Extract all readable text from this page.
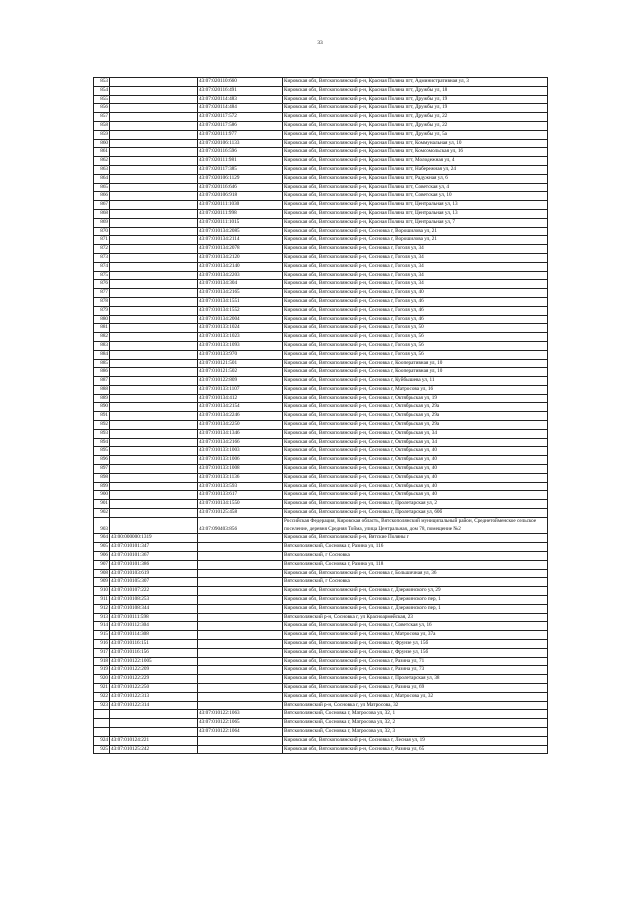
33
853		43:07:020110:660	Кировская обл, Вятскополянский р-н, Красная Поляна пгт, Административная ул, 3
854		43:07:020116:491	Кировская обл, Вятскополянский р-н, Красная Поляна пгт, Дружбы ул, 18
855		43:07:020114:483	Кировская обл, Вятскополянский р-н, Красная Поляна пгт, Дружбы ул, 19
856		43:07:020114:484	Кировская обл, Вятскополянский р-н, Красная Поляна пгт, Дружбы ул, 19
857		43:07:020117:572	Кировская обл, Вятскополянский р-н, Красная Поляна пгт, Дружбы ул, 22
858		43:07:020117:586	Кировская обл, Вятскополянский р-н, Красная Поляна пгт, Дружбы ул, 22
859		43:07:020111:977	Кировская обл, Вятскополянский р-н, Красная Поляна пгт, Дружбы ул, 5а
860		43:07:020106:1133	Кировская обл, Вятскополянский р-н, Красная Поляна пгт, Коммунальная ул, 10
861		43:07:020116:596	Кировская обл, Вятскополянский р-н, Красная Поляна пгт, Комсомольская ул, 16
862		43:07:020111:981	Кировская обл, Вятскополянский р-н, Красная Поляна пгт, Молодежная ул, 4
863		43:07:020117:385	Кировская обл, Вятскополянский р-н, Красная Поляна пгт, Набережная ул, 24
864		43:07:020106:1129	Кировская обл, Вятскополянский р-н, Красная Поляна пгт, Радужная ул, 6
865		43:07:020116:646	Кировская обл, Вятскополянский р-н, Красная Поляна пгт, Советская ул, 4
866		43:07:020106:918	Кировская обл, Вятскополянский р-н, Красная Поляна пгт, Советская ул, 10
867		43:07:020111:1030	Кировская обл, Вятскополянский р-н, Красная Поляна пгт, Центральная ул, 13
868		43:07:020111:998	Кировская обл, Вятскополянский р-н, Красная Поляна пгт, Центральная ул, 13
869		43:07:020111:1015	Кировская обл, Вятскополянский р-н, Красная Поляна пгт, Центральная ул, 7
870		43:07:010134:2085	Кировская обл, Вятскополянский р-н, Сосновка г, Ворошилова ул, 21
871		43:07:010134:2114	Кировская обл, Вятскополянский р-н, Сосновка г, Ворошилова ул, 21
872		43:07:010134:2078	Кировская обл, Вятскополянский р-н, Сосновка г, Гоголя ул, 34
873		43:07:010134:2120	Кировская обл, Вятскополянский р-н, Сосновка г, Гоголя ул, 34
874		43:07:010134:2140	Кировская обл, Вятскополянский р-н, Сосновка г, Гоголя ул, 34
875		43:07:010134:2203	Кировская обл, Вятскополянский р-н, Сосновка г, Гоголя ул, 34
876		43:07:010134:304	Кировская обл, Вятскополянский р-н, Сосновка г, Гоголя ул, 34
877		43:07:010134:2165	Кировская обл, Вятскополянский р-н, Сосновка г, Гоголя ул, 40
878		43:07:010134:1551	Кировская обл, Вятскополянский р-н, Сосновка г, Гоголя ул, 46
879		43:07:010134:1552	Кировская обл, Вятскополянский р-н, Сосновка г, Гоголя ул, 46
880		43:07:010134:2004	Кировская обл, Вятскополянский р-н, Сосновка г, Гоголя ул, 46
881		43:07:010133:1024	Кировская обл, Вятскополянский р-н, Сосновка г, Гоголя ул, 50
882		43:07:010133:1023	Кировская обл, Вятскополянский р-н, Сосновка г, Гоголя ул, 56
883		43:07:010133:1093	Кировская обл, Вятскополянский р-н, Сосновка г, Гоголя ул, 56
884		43:07:010133:970	Кировская обл, Вятскополянский р-н, Сосновка г, Гоголя ул, 56
885		43:07:010121:501	Кировская обл, Вятскополянский р-н, Сосновка г, Кооперативная ул, 10
886		43:07:010121:502	Кировская обл, Вятскополянский р-н, Сосновка г, Кооперативная ул, 10
887		43:07:010122:809	Кировская обл, Вятскополянский р-н, Сосновка г, Куйбышева ул, 11
888		43:07:010133:1107	Кировская обл, Вятскополянский р-н, Сосновка г, Матросова ул, 16
889		43:07:010134:412	Кировская обл, Вятскополянский р-н, Сосновка г, Октябрьская ул, 19
890		43:07:010134:2154	Кировская обл, Вятскополянский р-н, Сосновка г, Октябрьская ул, 29а
891		43:07:010134:2246	Кировская обл, Вятскополянский р-н, Сосновка г, Октябрьская ул, 29а
892		43:07:010134:2250	Кировская обл, Вятскополянский р-н, Сосновка г, Октябрьская ул, 29а
893		43:07:010134:1346	Кировская обл, Вятскополянский р-н, Сосновка г, Октябрьская ул, 34
894		43:07:010134:2166	Кировская обл, Вятскополянский р-н, Сосновка г, Октябрьская ул, 34
895		43:07:010133:1003	Кировская обл, Вятскополянский р-н, Сосновка г, Октябрьская ул, 40
896		43:07:010133:1006	Кировская обл, Вятскополянский р-н, Сосновка г, Октябрьская ул, 40
897		43:07:010133:1008	Кировская обл, Вятскополянский р-н, Сосновка г, Октябрьская ул, 40
898		43:07:010133:1136	Кировская обл, Вятскополянский р-н, Сосновка г, Октябрьская ул, 40
899		43:07:010133:593	Кировская обл, Вятскополянский р-н, Сосновка г, Октябрьская ул, 40
900		43:07:010133:617	Кировская обл, Вятскополянский р-н, Сосновка г, Октябрьская ул, 40
901		43:07:010134:1550	Кировская обл, Вятскополянский р-н, Сосновка г, Пролетарская ул, 2
902		43:07:010125:458	Кировская обл, Вятскополянский р-н, Сосновка г, Пролетарская ул, 60б
903		43:07:090403:856	Российская Федерация, Кировская область, Вятскополянский муниципальный район, Среднетойменское сельское поселение, деревня Средняя Тойма, улица Центральная, дом 78, помещение №2
904	43:00:000000:1319		Кировская обл, Вятскополянский р-н, Вятские Поляны г
905	43:07:010101:347		Вятскополянский, Сосновка г, Разина ул, 116
906	43:07:010101:367		Вятскополянский, г Сосновка
907	43:07:010101:386		Вятскополянский, Сосновка г, Разина ул, 118
908	43:07:010103:619		Кировская обл, Вятскополянский р-н, Сосновка г, Большичная ул, 36
909	43:07:010105:307		Вятскополянский, г Сосновка
910	43:07:010107:222		Кировская обл, Вятскополянский р-н, Сосновка г, Дзержинского ул, 29
911	43:07:010108:253		Кировская обл, Вятскополянский р-н, Сосновка г, Дзержинского пер, 1
912	43:07:010108:344		Кировская обл, Вятскополянский р-н, Сосновка г, Дзержинского пер, 1
913	43:07:010111:598		Вятскополянский р-н, Сосновка г, ул Красноармейская, 23
914	43:07:010112:304		Кировская обл, Вятскополянский р-н, Сосновка г, Советская ул, 16
915	43:07:010114:308		Кировская обл, Вятскополянский р-н, Сосновка г, Матросова ул, 37а
916	43:07:010116:151		Кировская обл, Вятскополянский р-н, Сосновка г, Фрунзе ул, 15б
917	43:07:010116:156		Кировская обл, Вятскополянский р-н, Сосновка г, Фрунзе ул, 15б
918	43:07:010122:1005		Кировская обл, Вятскополянский р-н, Сосновка г, Разина ул, 71
919	43:07:010122:209		Кировская обл, Вятскополянский р-н, Сосновка г, Разина ул, 73
920	43:07:010122:229		Кировская обл, Вятскополянский р-н, Сосновка г, Пролетарская ул, 38
921	43:07:010122:250		Кировская обл, Вятскополянский р-н, Сосновка г, Разина ул, 69
922	43:07:010122:313		Кировская обл, Вятскополянский р-н, Сосновка г, Матросова ул, 32
923	43:07:010122:314		Вятскополянский р-н, Сосновка г, ул Матросова, 32
		43:07:010122:1063	Вятскополянский, Сосновка г, Матросова ул, 32, 1
		43:07:010122:1065	Вятскополянский, Сосновка г, Матросова ул, 32, 2
		43:07:010122:1064	Вятскополянский, Сосновка г, Матросова ул, 32, 3
924	43:07:010124:221		Кировская обл, Вятскополянский р-н, Сосновка г, Лесная ул, 19
925	43:07:010125:242		Кировская обл, Вятскополянский р-н, Сосновка г, Разина ул, 65
